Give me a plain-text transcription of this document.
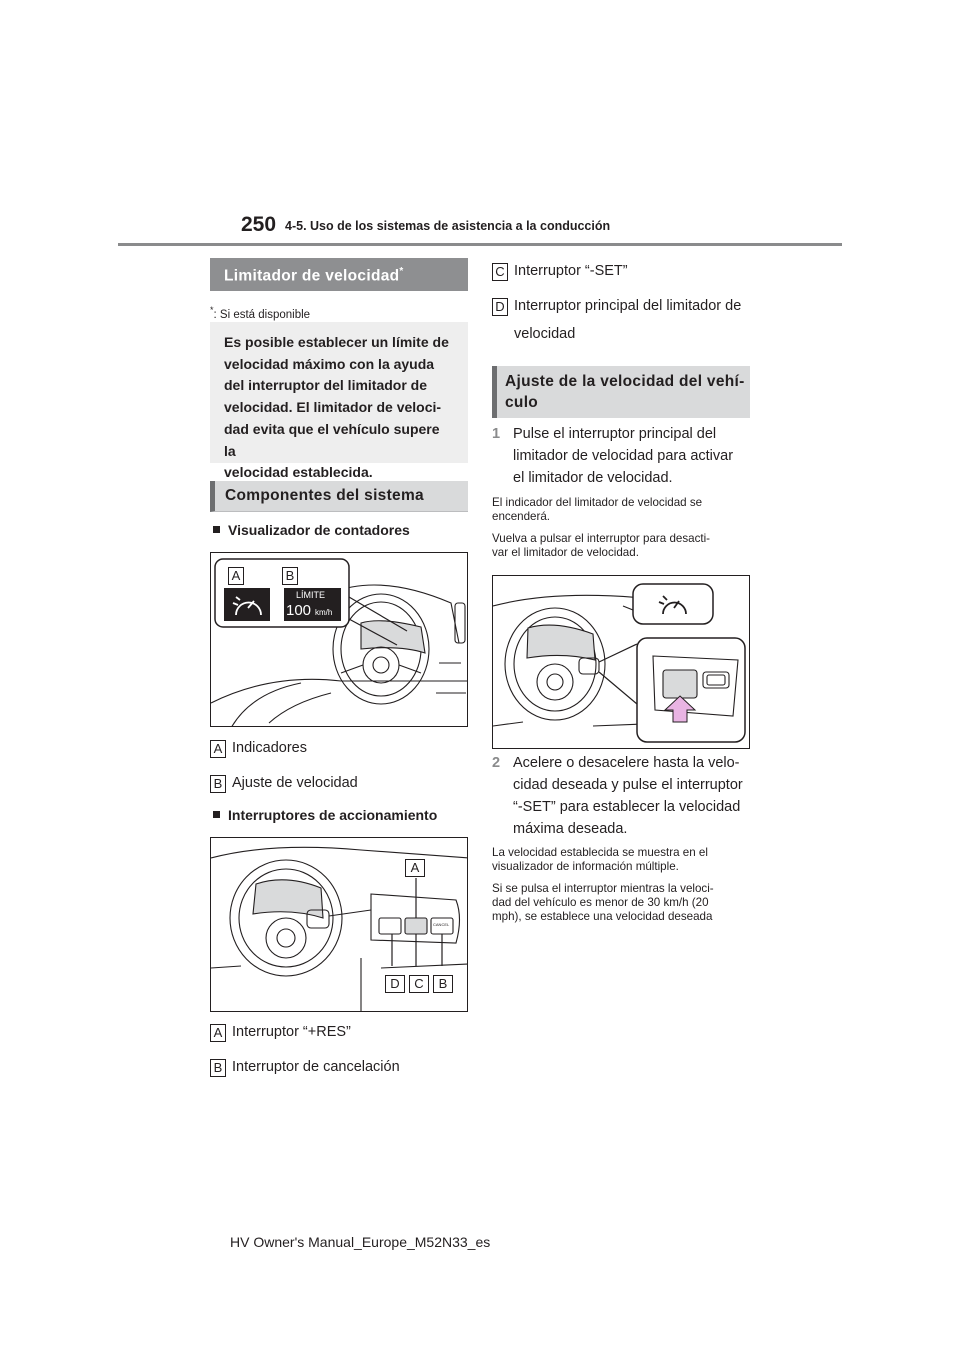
250 4-5. Uso de los sistemas de asistencia a la conducción
Limitador de velocidad*
*: Si está disponible

Es posible establecer un límite de

velocidad máximo con la ayuda

del interruptor del limitador de

velocidad. El limitador de veloci-

dad evita que el vehículo supere la

velocidad establecida.

Componentes del sistema
Visualizador de contadores
A	B
LÍMITE
100 km/h
A Indicadores
B Ajuste de velocidad
Interruptores de accionamiento
A
D	C	B
CANCEL
A Interruptor “+RES”
B Interruptor de cancelación
C Interruptor “-SET”
D Interruptor principal del limitador de
velocidad
Ajuste de la velocidad del vehí-
culo
1 Pulse el interruptor principal del
limitador de velocidad para activar
el limitador de velocidad.
El indicador del limitador de velocidad se
encenderá.
Vuelva a pulsar el interruptor para desacti-
var el limitador de velocidad.
2 Acelere o desacelere hasta la velo-
cidad deseada y pulse el interruptor
“-SET” para establecer la velocidad
máxima deseada.
La velocidad establecida se muestra en el
visualizador de información múltiple.
Si se pulsa el interruptor mientras la veloci-
dad del vehículo es menor de 30 km/h (20
mph), se establece una velocidad deseada
HV Owner's Manual_Europe_M52N33_es
